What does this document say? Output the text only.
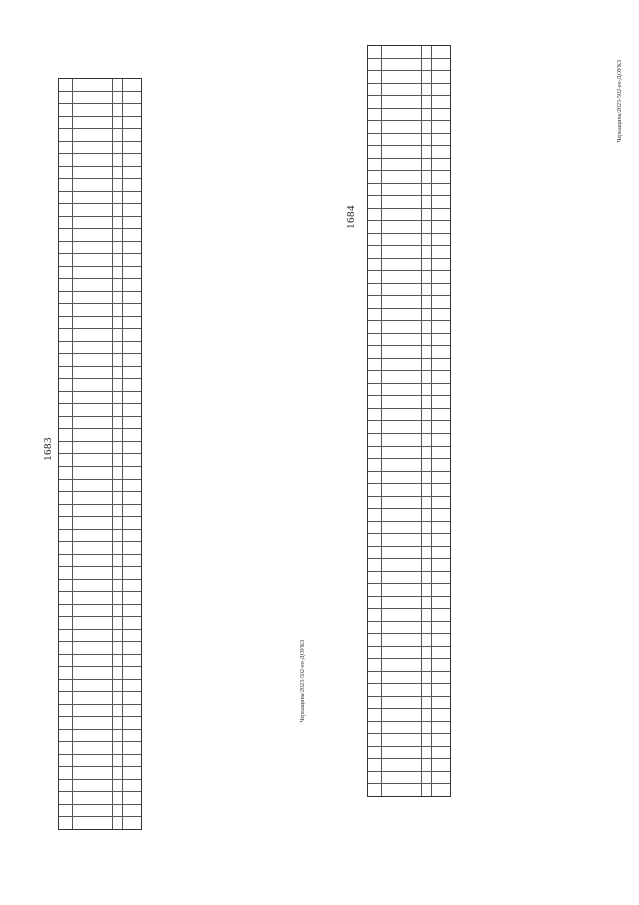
1683
1684
Черкащина/2023-502-ео-ДОУКЗ
Черкащина/2023-502-ео-ДОУКЗ
